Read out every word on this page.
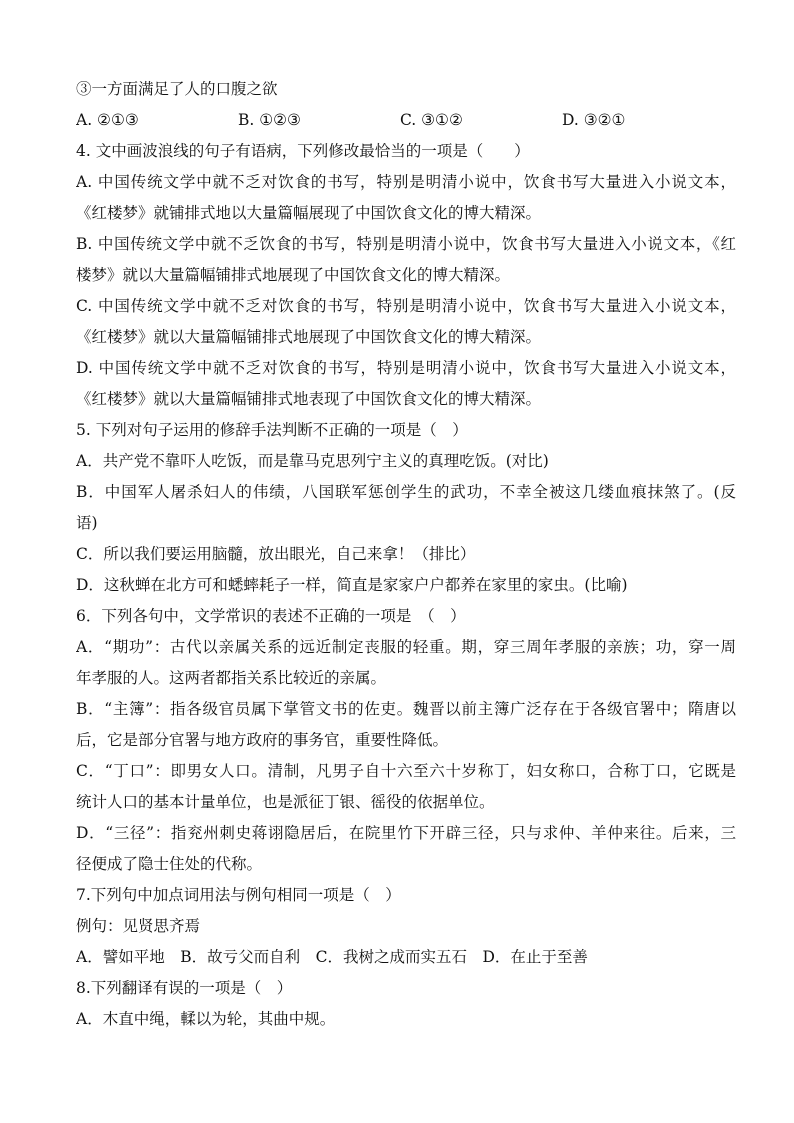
③一方面满足了人的口腹之欲
A. ②①③	B. ①②③	C. ③①②	D. ③②①
4. 文中画波浪线的句子有语病，下列修改最恰当的一项是（　　）
A. 中国传统文学中就不乏对饮食的书写，特别是明清小说中，饮食书写大量进入小说文本，
《红楼梦》就铺排式地以大量篇幅展现了中国饮食文化的博大精深。
B. 中国传统文学中就不乏饮食的书写，特别是明清小说中，饮食书写大量进入小说文本，《红
楼梦》就以大量篇幅铺排式地展现了中国饮食文化的博大精深。
C. 中国传统文学中就不乏对饮食的书写，特别是明清小说中，饮食书写大量进入小说文本，
《红楼梦》就以大量篇幅铺排式地展现了中国饮食文化的博大精深。
D. 中国传统文学中就不乏对饮食的书写，特别是明清小说中，饮食书写大量进入小说文本，
《红楼梦》就以大量篇幅铺排式地表现了中国饮食文化的博大精深。
5. 下列对句子运用的修辞手法判断不正确的一项是（　）
A．共产党不靠吓人吃饭，而是靠马克思列宁主义的真理吃饭。(对比)
B．中国军人屠杀妇人的伟绩，八国联军惩创学生的武功，不幸全被这几缕血痕抹煞了。(反
语)
C．所以我们要运用脑髓，放出眼光，自己来拿！（排比）
D．这秋蝉在北方可和蟋蟀耗子一样，简直是家家户户都养在家里的家虫。(比喻)
6．下列各句中，文学常识的表述不正确的一项是　（　）
A．“期功”：古代以亲属关系的远近制定丧服的轻重。期，穿三周年孝服的亲族；功，穿一周
年孝服的人。这两者都指关系比较近的亲属。
B．“主簿”：指各级官员属下掌管文书的佐吏。魏晋以前主簿广泛存在于各级官署中；隋唐以
后，它是部分官署与地方政府的事务官，重要性降低。
C．“丁口”：即男女人口。清制，凡男子自十六至六十岁称丁，妇女称口，合称丁口，它既是
统计人口的基本计量单位，也是派征丁银、徭役的依据单位。
D．“三径”：指兖州刺史蒋诩隐居后，在院里竹下开辟三径，只与求仲、羊仲来往。后来，三
径便成了隐士住处的代称。
7.下列句中加点词用法与例句相同一项是（　）
例句：见贤思齐焉
A．譬如平地　B．故亏父而自利　C．我树之成而实五石　D．在止于至善
8.下列翻译有误的一项是（　）
A．木直中绳，輮以为轮，其曲中规。
